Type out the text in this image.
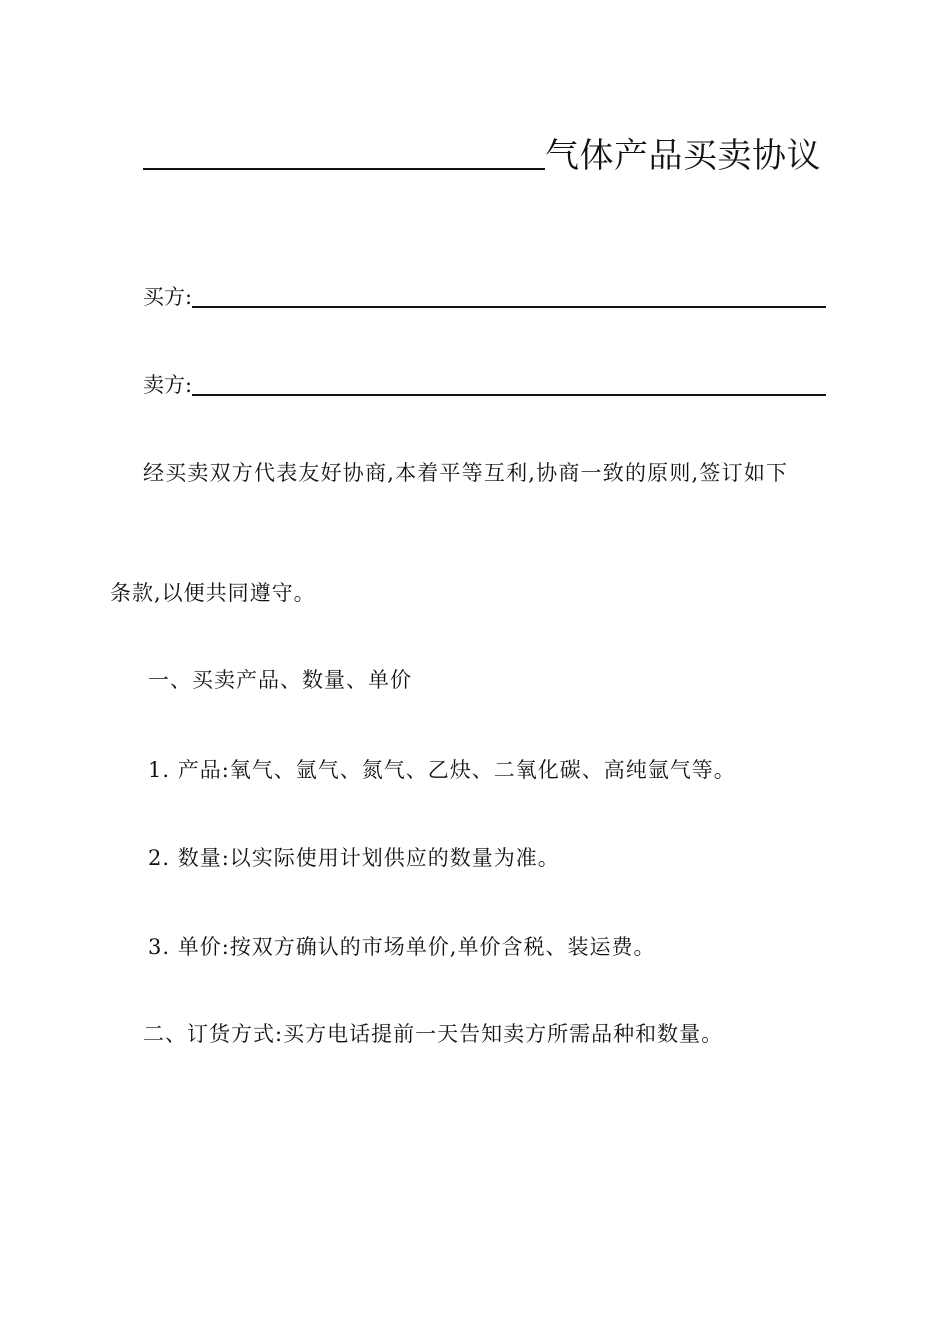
气体产品买卖协议
买方:
卖方:
经买卖双方代表友好协商,本着平等互利,协商一致的原则,签订如下
条款,以便共同遵守。
一、买卖产品、数量、单价
1. 产品:氧气、氩气、氮气、乙炔、二氧化碳、高纯氩气等。
2. 数量:以实际使用计划供应的数量为准。
3. 单价:按双方确认的市场单价,单价含税、装运费。
二、订货方式:买方电话提前一天告知卖方所需品种和数量。
